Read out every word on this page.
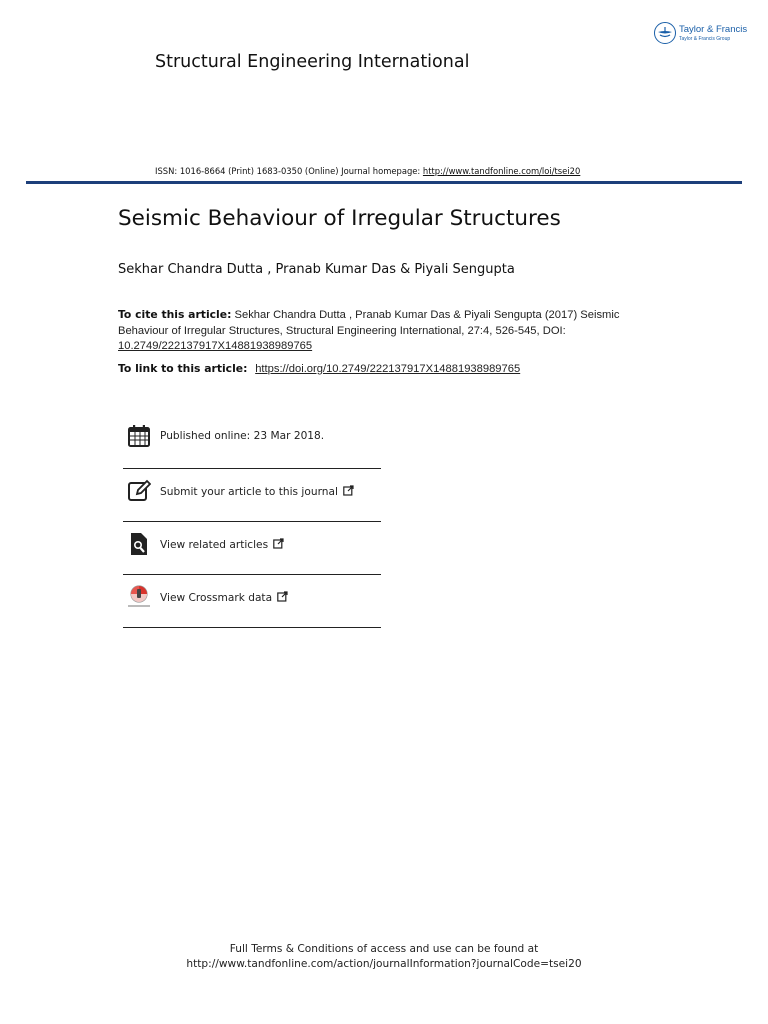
Taylor & Francis
Taylor & Francis Group
Structural Engineering International
ISSN: 1016-8664 (Print) 1683-0350 (Online) Journal homepage: http://www.tandfonline.com/loi/tsei20
Seismic Behaviour of Irregular Structures
Sekhar Chandra Dutta , Pranab Kumar Das & Piyali Sengupta
To cite this article: Sekhar Chandra Dutta , Pranab Kumar Das & Piyali Sengupta (2017) Seismic Behaviour of Irregular Structures, Structural Engineering International, 27:4, 526-545, DOI: 10.2749/222137917X14881938989765
To link to this article: https://doi.org/10.2749/222137917X14881938989765
Published online: 23 Mar 2018.
Submit your article to this journal
View related articles
View Crossmark data
Full Terms & Conditions of access and use can be found at
http://www.tandfonline.com/action/journalInformation?journalCode=tsei20
